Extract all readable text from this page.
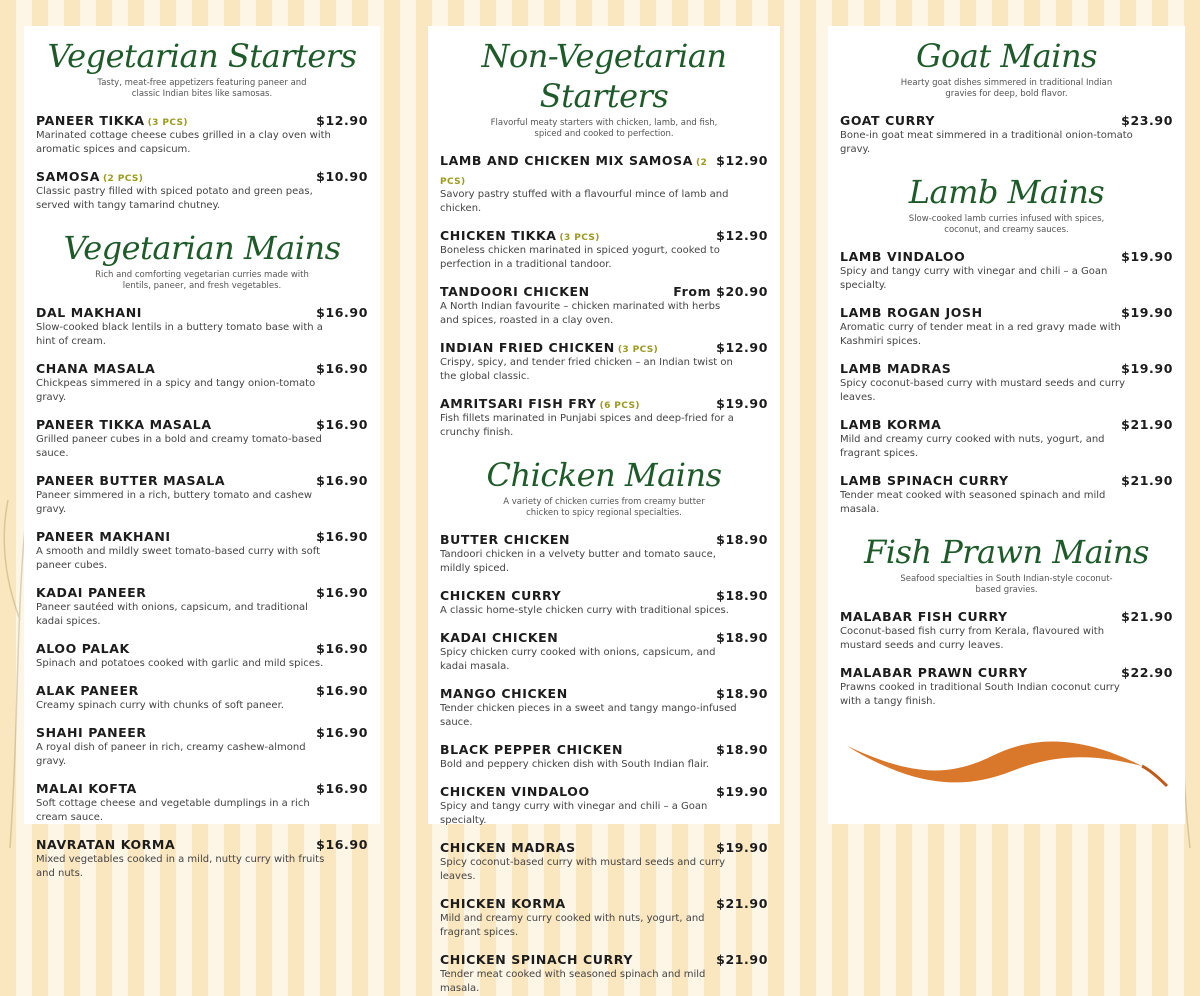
Vegetarian Starters
Tasty, meat-free appetizers featuring paneer and classic Indian bites like samosas.
PANEER TIKKA (3 PCS)	$12.90
Marinated cottage cheese cubes grilled in a clay oven with aromatic spices and capsicum.
SAMOSA (2 PCS)	$10.90
Classic pastry filled with spiced potato and green peas, served with tangy tamarind chutney.
Vegetarian Mains
Rich and comforting vegetarian curries made with lentils, paneer, and fresh vegetables.
DAL MAKHANI	$16.90
Slow-cooked black lentils in a buttery tomato base with a hint of cream.
CHANA MASALA	$16.90
Chickpeas simmered in a spicy and tangy onion-tomato gravy.
PANEER TIKKA MASALA	$16.90
Grilled paneer cubes in a bold and creamy tomato-based sauce.
PANEER BUTTER MASALA	$16.90
Paneer simmered in a rich, buttery tomato and cashew gravy.
PANEER MAKHANI	$16.90
A smooth and mildly sweet tomato-based curry with soft paneer cubes.
KADAI PANEER	$16.90
Paneer sautéed with onions, capsicum, and traditional kadai spices.
ALOO PALAK	$16.90
Spinach and potatoes cooked with garlic and mild spices.
ALAK PANEER	$16.90
Creamy spinach curry with chunks of soft paneer.
SHAHI PANEER	$16.90
A royal dish of paneer in rich, creamy cashew-almond gravy.
MALAI KOFTA	$16.90
Soft cottage cheese and vegetable dumplings in a rich cream sauce.
NAVRATAN KORMA	$16.90
Mixed vegetables cooked in a mild, nutty curry with fruits and nuts.
Non-Vegetarian Starters
Flavorful meaty starters with chicken, lamb, and fish, spiced and cooked to perfection.
LAMB AND CHICKEN MIX SAMOSA (2 PCS)
$12.90
Savory pastry stuffed with a flavourful mince of lamb and chicken.
CHICKEN TIKKA (3 PCS)	$12.90
Boneless chicken marinated in spiced yogurt, cooked to perfection in a traditional tandoor.
TANDOORI CHICKEN	From $20.90
A North Indian favourite – chicken marinated with herbs and spices, roasted in a clay oven.
INDIAN FRIED CHICKEN (3 PCS)	$12.90
Crispy, spicy, and tender fried chicken – an Indian twist on the global classic.
AMRITSARI FISH FRY (6 PCS)	$19.90
Fish fillets marinated in Punjabi spices and deep-fried for a crunchy finish.
Chicken Mains
A variety of chicken curries from creamy butter chicken to spicy regional specialties.
BUTTER CHICKEN	$18.90
Tandoori chicken in a velvety butter and tomato sauce, mildly spiced.
CHICKEN CURRY	$18.90
A classic home-style chicken curry with traditional spices.
KADAI CHICKEN	$18.90
Spicy chicken curry cooked with onions, capsicum, and kadai masala.
MANGO CHICKEN	$18.90
Tender chicken pieces in a sweet and tangy mango-infused sauce.
BLACK PEPPER CHICKEN	$18.90
Bold and peppery chicken dish with South Indian flair.
CHICKEN VINDALOO	$19.90
Spicy and tangy curry with vinegar and chili – a Goan specialty.
CHICKEN MADRAS	$19.90
Spicy coconut-based curry with mustard seeds and curry leaves.
CHICKEN KORMA	$21.90
Mild and creamy curry cooked with nuts, yogurt, and fragrant spices.
CHICKEN SPINACH CURRY	$21.90
Tender meat cooked with seasoned spinach and mild masala.
Goat Mains
Hearty goat dishes simmered in traditional Indian gravies for deep, bold flavor.
GOAT CURRY	$23.90
Bone-in goat meat simmered in a traditional onion-tomato gravy.
Lamb Mains
Slow-cooked lamb curries infused with spices, coconut, and creamy sauces.
LAMB VINDALOO	$19.90
Spicy and tangy curry with vinegar and chili – a Goan specialty.
LAMB ROGAN JOSH	$19.90
Aromatic curry of tender meat in a red gravy made with Kashmiri spices.
LAMB MADRAS	$19.90
Spicy coconut-based curry with mustard seeds and curry leaves.
LAMB KORMA	$21.90
Mild and creamy curry cooked with nuts, yogurt, and fragrant spices.
LAMB SPINACH CURRY	$21.90
Tender meat cooked with seasoned spinach and mild masala.
Fish Prawn Mains
Seafood specialties in South Indian-style coconut-based gravies.
MALABAR FISH CURRY	$21.90
Coconut-based fish curry from Kerala, flavoured with mustard seeds and curry leaves.
MALABAR PRAWN CURRY	$22.90
Prawns cooked in traditional South Indian coconut curry with a tangy finish.
